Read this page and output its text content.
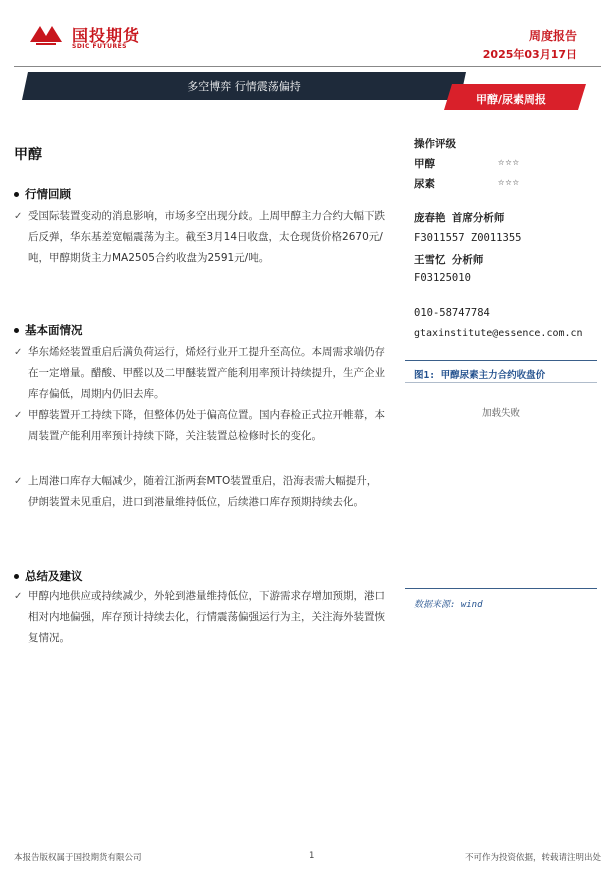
国投期货
SDIC FUTURES
周度报告
2025年03月17日
多空博弈 行情震荡偏持
甲醇/尿素周报
甲醇
行情回顾
✓ 受国际装置变动的消息影响，市场多空出现分歧。上周甲醇主力合约大幅下跌后反弹，华东基差宽幅震荡为主。截至3月14日收盘，太仓现货价格2670元/吨，甲醇期货主力MA2505合约收盘为2591元/吨。
基本面情况
✓ 华东烯烃装置重启后满负荷运行，烯烃行业开工提升至高位。本周需求端仍存在一定增量。醋酸、甲醛以及二甲醚装置产能利用率预计持续提升，生产企业库存偏低，周期内仍旧去库。
✓ 甲醇装置开工持续下降，但整体仍处于偏高位置。国内春检正式拉开帷幕，本周装置产能利用率预计持续下降，关注装置总检修时长的变化。
✓ 上周港口库存大幅减少，随着江浙两套MTO装置重启，沿海表需大幅提升，伊朗装置未见重启，进口到港量维持低位，后续港口库存预期持续去化。
总结及建议
✓ 甲醇内地供应或持续减少，外轮到港量维持低位，下游需求存增加预期，港口相对内地偏强，库存预计持续去化，行情震荡偏强运行为主，关注海外装置恢复情况。
操作评级
甲醇	☆☆☆
尿素	☆☆☆
庞春艳 首席分析师
F3011557 Z0011355
王雪忆 分析师
F03125010
010-58747784
gtaxinstitute@essence.com.cn
图1: 甲醇尿素主力合约收盘价
加载失败
数据来源: wind
本报告版权属于国投期货有限公司	1	不可作为投资依据，转载请注明出处
